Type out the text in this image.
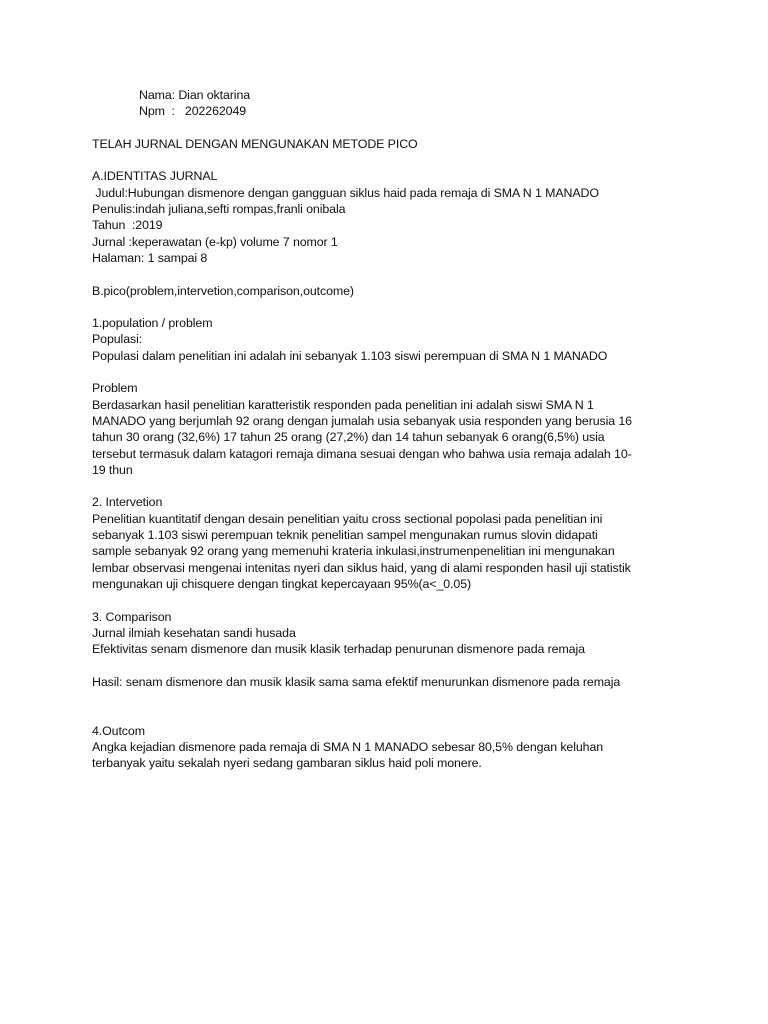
Nama: Dian oktarina
Npm  :   202262049
TELAH JURNAL DENGAN MENGUNAKAN METODE PICO
A.IDENTITAS JURNAL
Judul:Hubungan dismenore dengan gangguan siklus haid pada remaja di SMA N 1 MANADO
Penulis:indah juliana,sefti rompas,franli onibala
Tahun  :2019
Jurnal :keperawatan (e-kp) volume 7 nomor 1
Halaman: 1 sampai 8
B.pico(problem,intervetion,comparison,outcome)
1.population / problem
Populasi:
Populasi dalam penelitian ini adalah ini sebanyak 1.103 siswi perempuan di SMA N 1 MANADO
Problem
Berdasarkan hasil penelitian karatteristik responden pada penelitian ini adalah siswi SMA N 1
MANADO yang berjumlah 92 orang dengan jumalah usia sebanyak usia responden yang berusia 16
tahun 30 orang (32,6%) 17 tahun 25 orang (27,2%) dan 14 tahun sebanyak 6 orang(6,5%) usia
tersebut termasuk dalam katagori remaja dimana sesuai dengan who bahwa usia remaja adalah 10-
19 thun
2. Intervetion
Penelitian kuantitatif dengan desain penelitian yaitu cross sectional popolasi pada penelitian ini
sebanyak 1.103 siswi perempuan teknik penelitian sampel mengunakan rumus slovin didapati
sample sebanyak 92 orang yang memenuhi krateria inkulasi,instrumenpenelitian ini mengunakan
lembar observasi mengenai intenitas nyeri dan siklus haid, yang di alami responden hasil uji statistik
mengunakan uji chisquere dengan tingkat kepercayaan 95%(a<_0.05)
3. Comparison
Jurnal ilmiah kesehatan sandi husada
Efektivitas senam dismenore dan musik klasik terhadap penurunan dismenore pada remaja
Hasil: senam dismenore dan musik klasik sama sama efektif menurunkan dismenore pada remaja
4.Outcom
Angka kejadian dismenore pada remaja di SMA N 1 MANADO sebesar 80,5% dengan keluhan
terbanyak yaitu sekalah nyeri sedang gambaran siklus haid poli monere.
